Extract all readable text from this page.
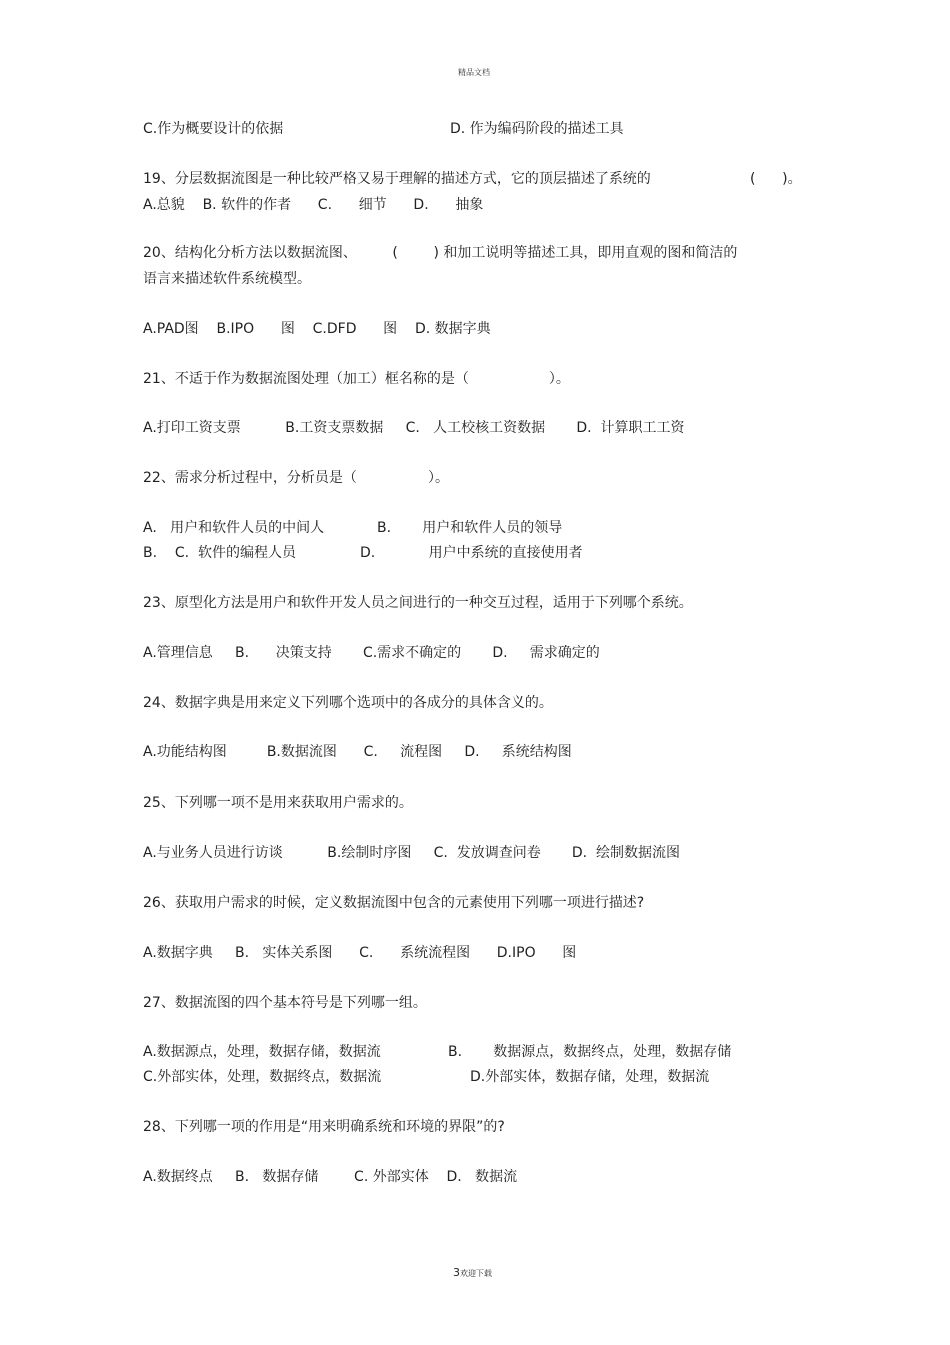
精品文档
C.作为概要设计的依据	D. 作为编码阶段的描述工具
19、分层数据流图是一种比较严格又易于理解的描述方式，它的顶层描述了系统的	(      )。
A.总貌    B. 软件的作者      C.      细节      D.      抽象
20、结构化分析方法以数据流图、        (        ) 和加工说明等描述工具，即用直观的图和简洁的
语言来描述软件系统模型。
A.PAD图    B.IPO      图    C.DFD      图    D. 数据字典
21、不适于作为数据流图处理（加工）框名称的是（                  ）。
A.打印工资支票          B.工资支票数据     C.   人工校核工资数据       D.  计算职工工资
22、需求分析过程中，分析员是（                ）。
A.   用户和软件人员的中间人	B.       用户和软件人员的领导
B.    C.  软件的编程人员	D.            用户中系统的直接使用者
23、原型化方法是用户和软件开发人员之间进行的一种交互过程，适用于下列哪个系统。
A.管理信息     B.      决策支持       C.需求不确定的       D.     需求确定的
24、数据字典是用来定义下列哪个选项中的各成分的具体含义的。
A.功能结构图         B.数据流图      C.     流程图     D.     系统结构图
25、下列哪一项不是用来获取用户需求的。
A.与业务人员进行访谈          B.绘制时序图     C.  发放调查问卷       D.  绘制数据流图
26、获取用户需求的时候，定义数据流图中包含的元素使用下列哪一项进行描述?
A.数据字典     B.   实体关系图      C.      系统流程图      D.IPO      图
27、数据流图的四个基本符号是下列哪一组。
A.数据源点，处理，数据存储，数据流	B.       数据源点，数据终点，处理，数据存储
C.外部实体，处理，数据终点，数据流	D.外部实体，数据存储，处理，数据流
28、下列哪一项的作用是“用来明确系统和环境的界限”的?
A.数据终点     B.   数据存储        C. 外部实体    D.   数据流
3欢迎下载
